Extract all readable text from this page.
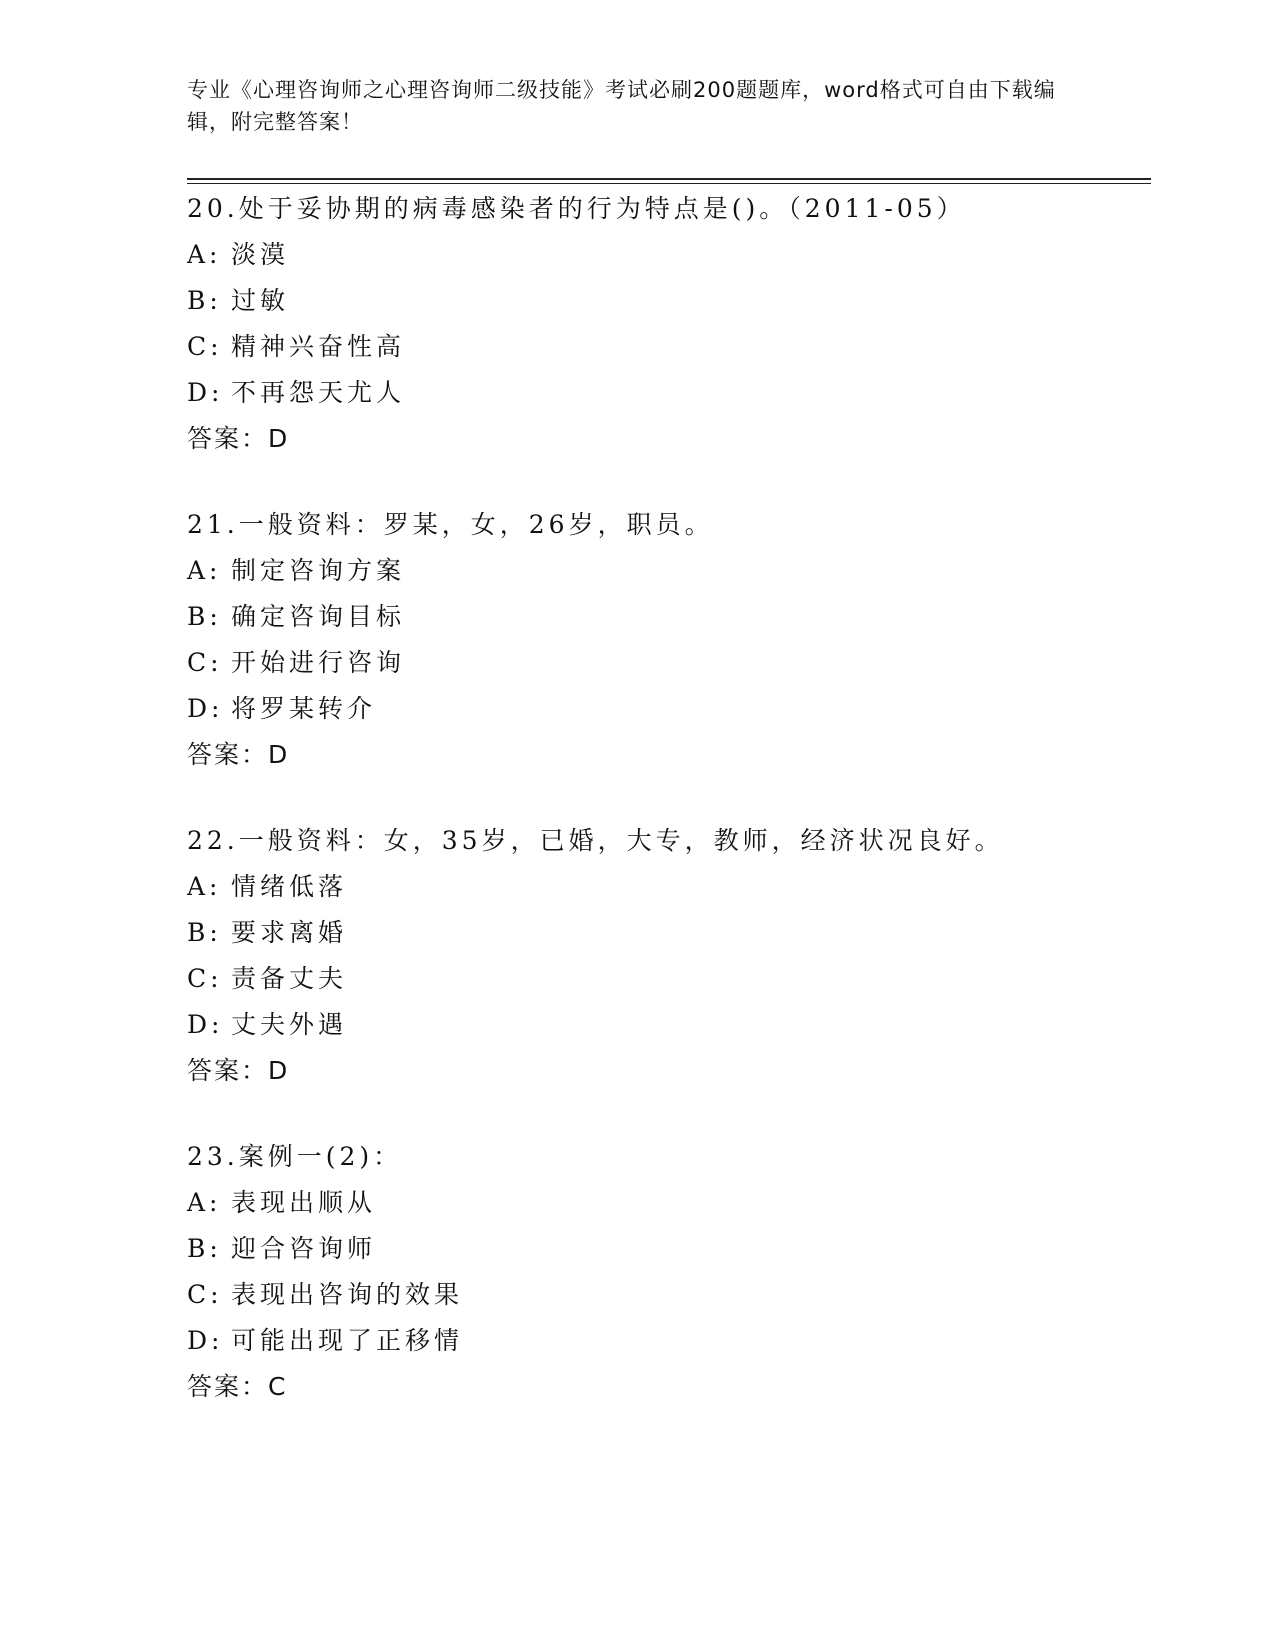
专业《心理咨询师之心理咨询师二级技能》考试必刷200题题库，word格式可自由下载编辑，附完整答案！
20.处于妥协期的病毒感染者的行为特点是()。（2011-05）
A: 淡漠
B: 过敏
C: 精神兴奋性高
D: 不再怨天尤人
答案：D
21.一般资料：罗某，女，26岁，职员。
A: 制定咨询方案
B: 确定咨询目标
C: 开始进行咨询
D: 将罗某转介
答案：D
22.一般资料：女，35岁，已婚，大专，教师，经济状况良好。
A: 情绪低落
B: 要求离婚
C: 责备丈夫
D: 丈夫外遇
答案：D
23.案例一(2)：
A: 表现出顺从
B: 迎合咨询师
C: 表现出咨询的效果
D: 可能出现了正移情
答案：C
